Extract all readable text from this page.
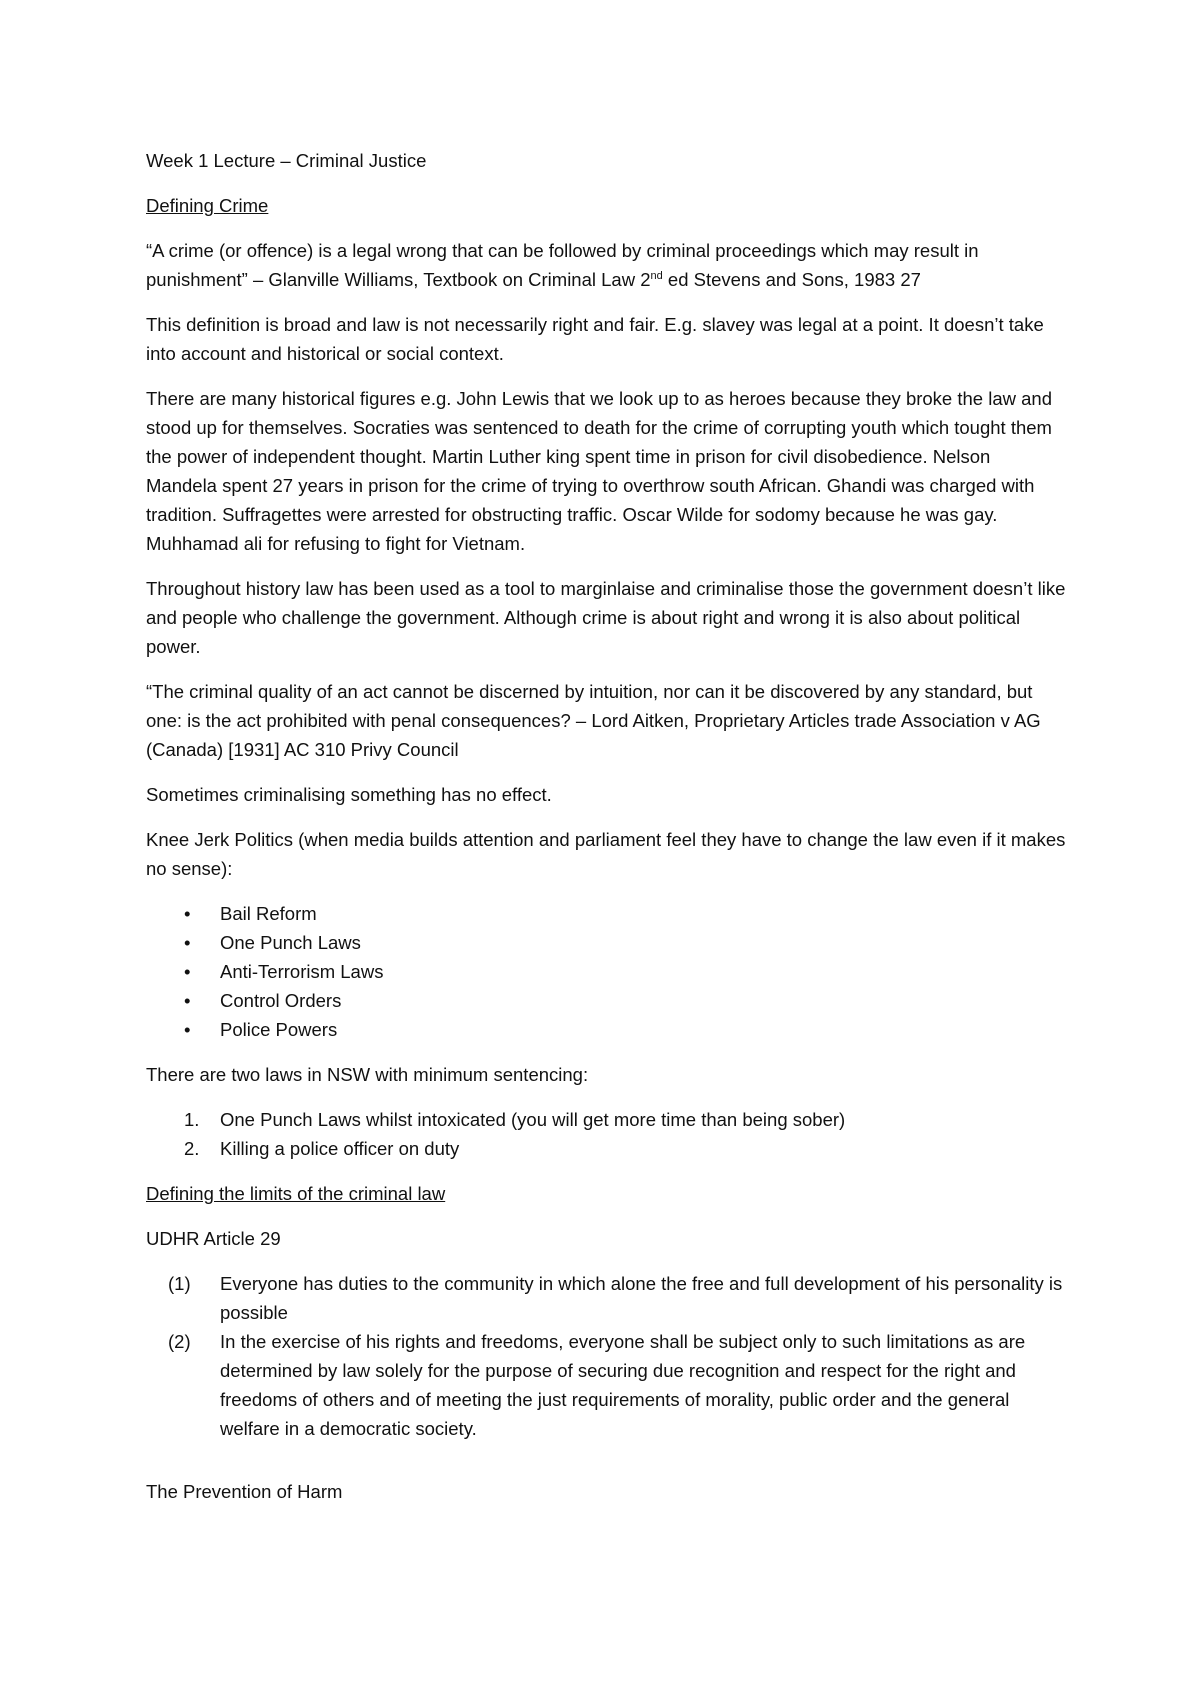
Week 1 Lecture – Criminal Justice

Defining Crime

“A crime (or offence) is a legal wrong that can be followed by criminal proceedings which may result in punishment” – Glanville Williams, Textbook on Criminal Law 2nd ed Stevens and Sons, 1983 27

This definition is broad and law is not necessarily right and fair. E.g. slavey was legal at a point. It doesn’t take into account and historical or social context.

There are many historical figures e.g. John Lewis that we look up to as heroes because they broke the law and stood up for themselves. Socraties was sentenced to death for the crime of corrupting youth which tought them the power of independent thought. Martin Luther king spent time in prison for civil disobedience. Nelson Mandela spent 27 years in prison for the crime of trying to overthrow south African. Ghandi was charged with tradition. Suffragettes were arrested for obstructing traffic. Oscar Wilde for sodomy because he was gay. Muhhamad ali for refusing to fight for Vietnam.

Throughout history law has been used as a tool to marginlaise and criminalise those the government doesn’t like and people who challenge the government. Although crime is about right and wrong it is also about political power.

“The criminal quality of an act cannot be discerned by intuition, nor can it be discovered by any standard, but one: is the act prohibited with penal consequences? – Lord Aitken, Proprietary Articles trade Association v AG (Canada) [1931] AC 310 Privy Council

Sometimes criminalising something has no effect.

Knee Jerk Politics (when media builds attention and parliament feel they have to change the law even if it makes no sense):

• Bail Reform
• One Punch Laws
• Anti-Terrorism Laws
• Control Orders
• Police Powers

There are two laws in NSW with minimum sentencing:

1. One Punch Laws whilst intoxicated (you will get more time than being sober)
2. Killing a police officer on duty

Defining the limits of the criminal law

UDHR Article 29

(1) Everyone has duties to the community in which alone the free and full development of his personality is possible
(2) In the exercise of his rights and freedoms, everyone shall be subject only to such limitations as are determined by law solely for the purpose of securing due recognition and respect for the right and freedoms of others and of meeting the just requirements of morality, public order and the general welfare in a democratic society.

The Prevention of Harm
